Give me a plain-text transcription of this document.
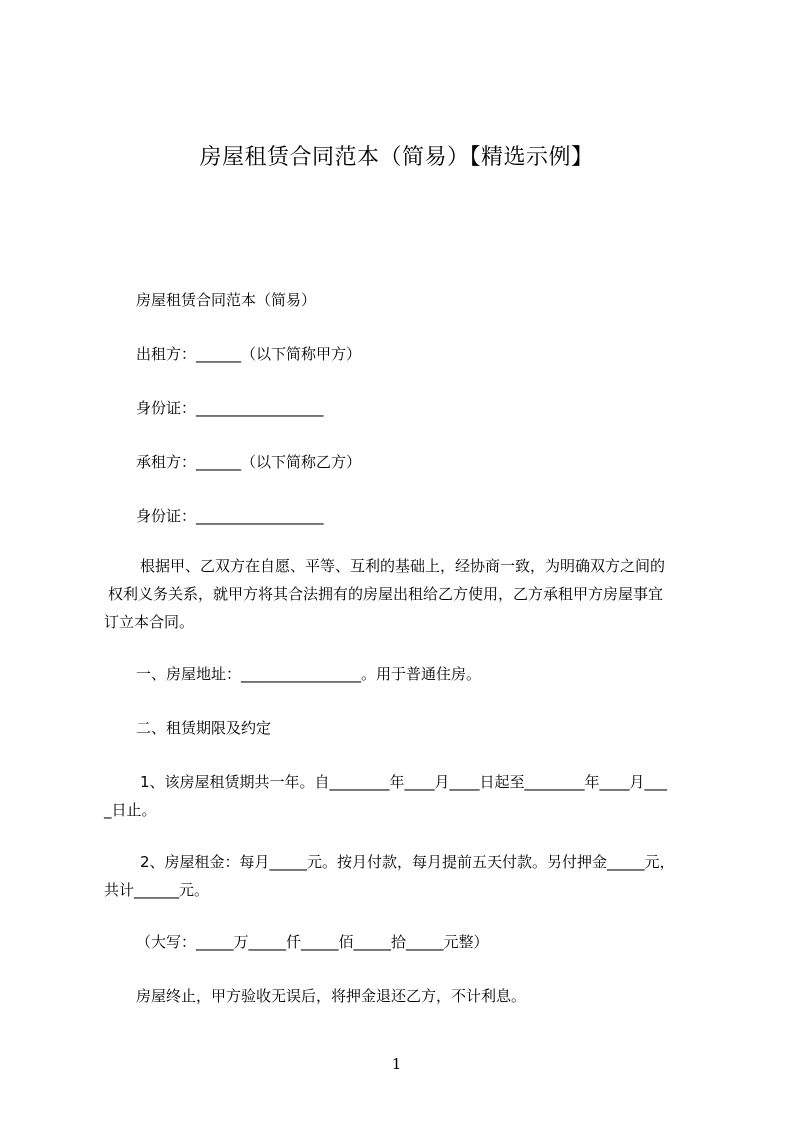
房屋租赁合同范本（简易）【精选示例】
房屋租赁合同范本（简易）
出租方：______（以下简称甲方）
身份证：_________________
承租方：______（以下简称乙方）
身份证：_________________
根据甲、乙双方在自愿、平等、互利的基础上，经协商一致，为明确双方之间的
权利义务关系，就甲方将其合法拥有的房屋出租给乙方使用，乙方承租甲方房屋事宜
订立本合同。
一、房屋地址：________________。用于普通住房。
二、租赁期限及约定
1、该房屋租赁期共一年。自________年____月____日起至________年____月___
_日止。
2、房屋租金：每月_____元。按月付款，每月提前五天付款。另付押金_____元，
共计______元。
（大写：_____万_____仟_____佰_____拾_____元整）
房屋终止，甲方验收无误后，将押金退还乙方，不计利息。
1
